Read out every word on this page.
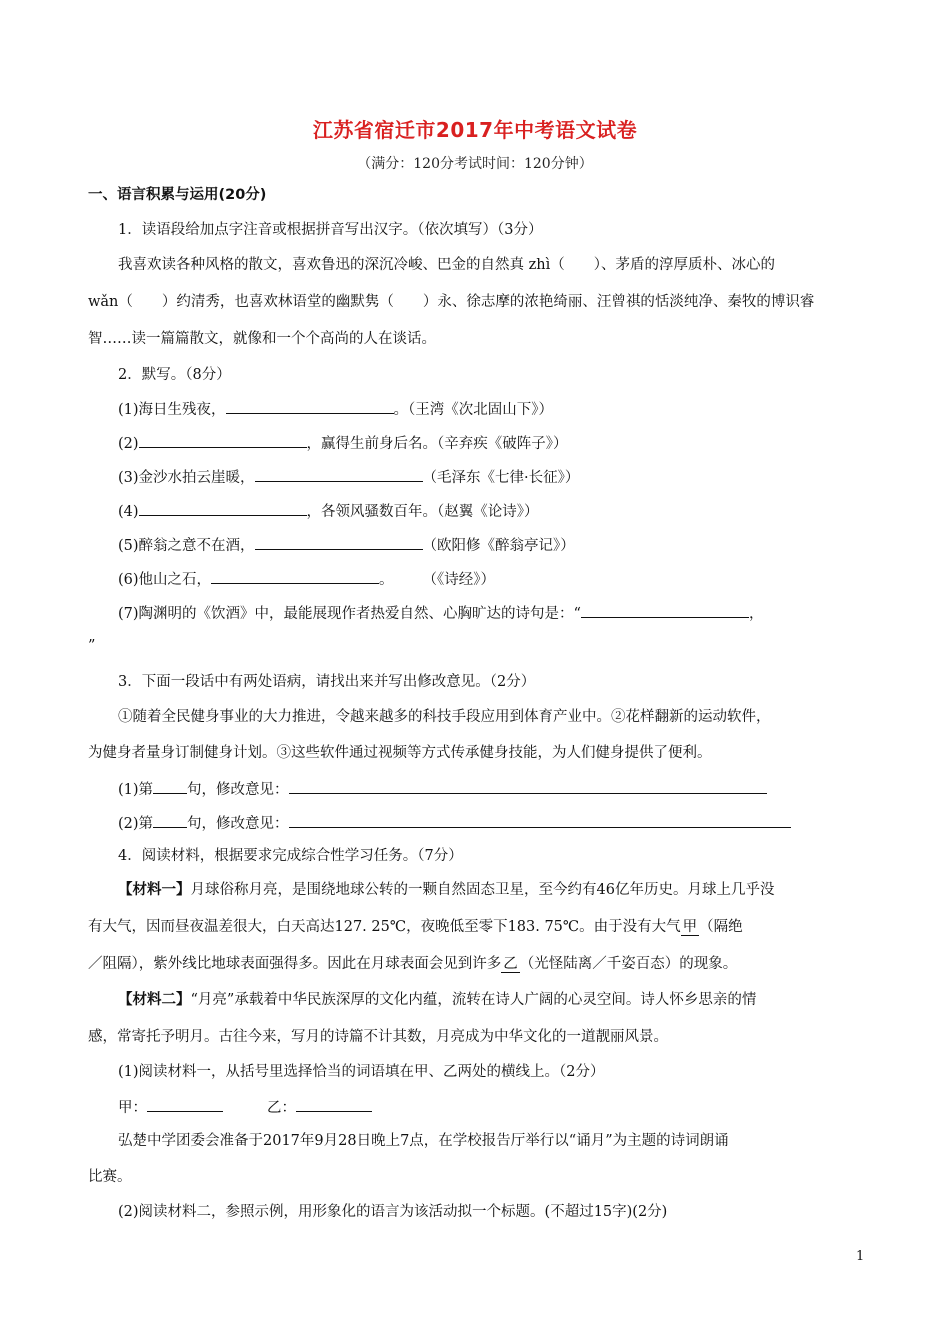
江苏省宿迁市2017年中考语文试卷
（满分：120分考试时间：120分钟）
一、语言积累与运用(20分)
1．读语段给加点字注音或根据拼音写出汉字。（依次填写）（3分）
我喜欢读各种风格的散文，喜欢鲁迅的深沉冷峻、巴金的自然真 zhì（　　）、茅盾的淳厚质朴、冰心的
wǎn（　　）约清秀，也喜欢林语堂的幽默隽（　　）永、徐志摩的浓艳绮丽、汪曾祺的恬淡纯净、秦牧的博识睿
智……读一篇篇散文，就像和一个个高尚的人在谈话。
2．默写。（8分）
(1)海日生残夜，	。（王湾《次北固山下》）
(2)	，赢得生前身后名。（辛弃疾《破阵子》）
(3)金沙水拍云崖暖，	（毛泽东《七律·长征》）
(4)	，各领风骚数百年。（赵翼《论诗》）
(5)醉翁之意不在酒，	（欧阳修《醉翁亭记》）
(6)他山之石，	。　　　（《诗经》）
(7)陶渊明的《饮酒》中，最能展现作者热爱自然、心胸旷达的诗句是：“	，
”
3．下面一段话中有两处语病，请找出来并写出修改意见。（2分）
①随着全民健身事业的大力推进，令越来越多的科技手段应用到体育产业中。②花样翻新的运动软件，
为健身者量身订制健身计划。③这些软件通过视频等方式传承健身技能，为人们健身提供了便利。
(1)第 句，修改意见：
(2)第 句，修改意见：
4．阅读材料，根据要求完成综合性学习任务。（7分）
【材料一】月球俗称月亮，是围绕地球公转的一颗自然固态卫星，至今约有46亿年历史。月球上几乎没
有大气，因而昼夜温差很大，白天高达127. 25℃，夜晚低至零下183. 75℃。由于没有大气 甲 （隔绝
／阻隔），紫外线比地球表面强得多。因此在月球表面会见到许多 乙 （光怪陆离／千姿百态）的现象。
【材料二】“月亮”承载着中华民族深厚的文化内蕴，流转在诗人广阔的心灵空间。诗人怀乡思亲的情
感，常寄托予明月。古往今来，写月的诗篇不计其数，月亮成为中华文化的一道靓丽风景。
(1)阅读材料一，从括号里选择恰当的词语填在甲、乙两处的横线上。（2分）
甲：	乙：
弘楚中学团委会准备于2017年9月28日晚上7点，在学校报告厅举行以“诵月”为主题的诗词朗诵
比赛。
(2)阅读材料二，参照示例，用形象化的语言为该活动拟一个标题。(不超过15字)(2分)
1
